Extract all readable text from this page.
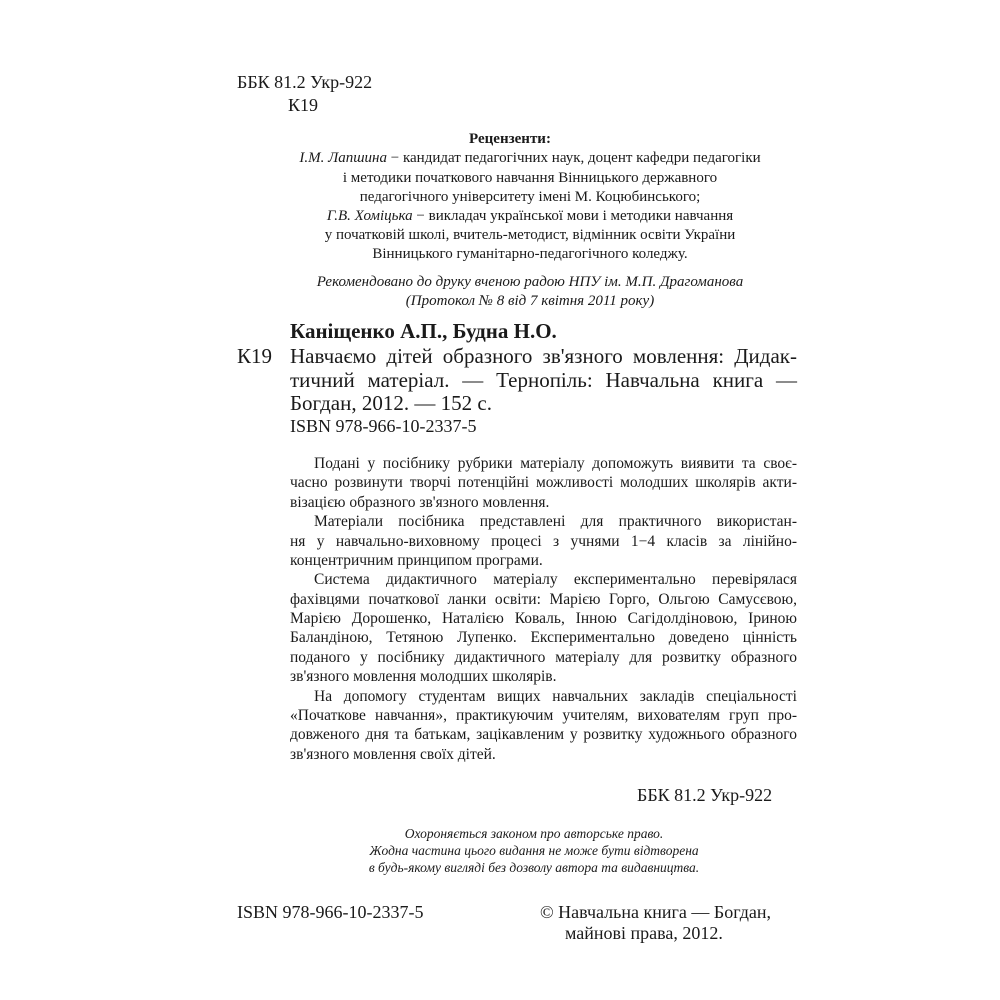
ББК 81.2 Укр-922
К19
Рецензенти:
І.М. Лапшина − кандидат педагогічних наук, доцент кафедри педагогіки
і методики початкового навчання Вінницького державного
педагогічного університету імені М. Коцюбинського;
Г.В. Хоміцька − викладач української мови і методики навчання
у початковій школі, вчитель-методист, відмінник освіти України
Вінницького гуманітарно-педагогічного коледжу.
Рекомендовано до друку вченою радою НПУ ім. М.П. Драгоманова
(Протокол № 8 від 7 квітня 2011 року)
Каніщенко А.П., Будна Н.О.
К19 Навчаємо дітей образного зв'язного мовлення: Дидак-
тичний матеріал. — Тернопіль: Навчальна книга —
Богдан, 2012. — 152 с.
ISBN 978-966-10-2337-5
Подані у посібнику рубрики матеріалу допоможуть виявити та своє-
часно розвинути творчі потенційні можливості молодших школярів акти-
візацією образного зв'язного мовлення.
Матеріали посібника представлені для практичного використан-
ня у навчально-виховному процесі з учнями 1−4 класів за лінійно-
концентричним принципом програми.
Система дидактичного матеріалу експериментально перевірялася
фахівцями початкової ланки освіти: Марією Горго, Ольгою Самусєвою,
Марією Дорошенко, Наталією Коваль, Інною Сагідолдіновою, Іриною
Баландіною, Тетяною Лупенко. Експериментально доведено цінність
поданого у посібнику дидактичного матеріалу для розвитку образного
зв'язного мовлення молодших школярів.
На допомогу студентам вищих навчальних закладів спеціальності
«Початкове навчання», практикуючим учителям, вихователям груп про-
довженого дня та батькам, зацікавленим у розвитку художнього образного
зв'язного мовлення своїх дітей.
ББК 81.2 Укр-922
Охороняється законом про авторське право.
Жодна частина цього видання не може бути відтворена
в будь-якому вигляді без дозволу автора та видавництва.
ISBN 978-966-10-2337-5	© Навчальна книга — Богдан,
майнові права, 2012.
